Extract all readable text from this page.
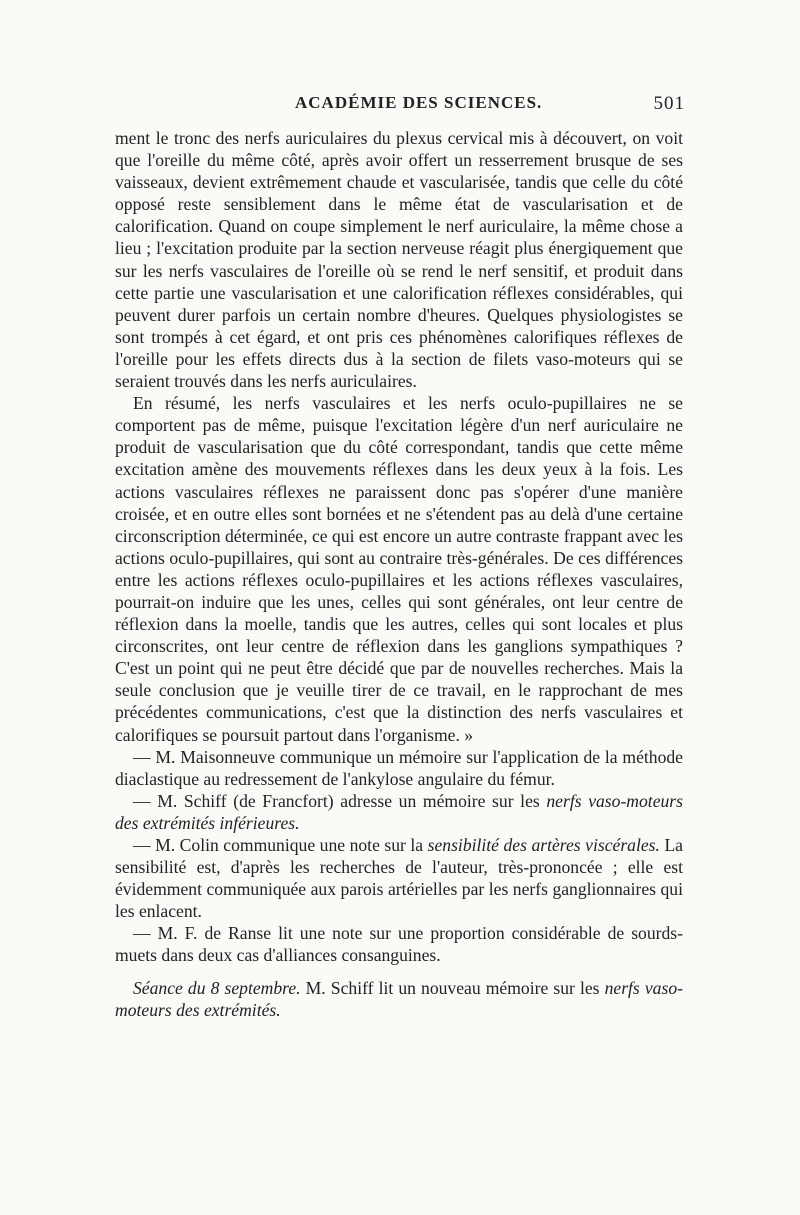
ACADÉMIE DES SCIENCES.	501

ment le tronc des nerfs auriculaires du plexus cervical mis à découvert, on voit que l'oreille du même côté, après avoir offert un resserrement brusque de ses vaisseaux, devient extrêmement chaude et vascularisée, tandis que celle du côté opposé reste sensiblement dans le même état de vascularisation et de calorification. Quand on coupe simplement le nerf auriculaire, la même chose a lieu ; l'excitation produite par la section nerveuse réagit plus énergiquement que sur les nerfs vasculaires de l'oreille où se rend le nerf sensitif, et produit dans cette partie une vascularisation et une calorification réflexes considérables, qui peuvent durer parfois un certain nombre d'heures. Quelques physiologistes se sont trompés à cet égard, et ont pris ces phénomènes calorifiques réflexes de l'oreille pour les effets directs dus à la section de filets vaso-moteurs qui se seraient trouvés dans les nerfs auriculaires.

En résumé, les nerfs vasculaires et les nerfs oculo-pupillaires ne se comportent pas de même, puisque l'excitation légère d'un nerf auriculaire ne produit de vascularisation que du côté correspondant, tandis que cette même excitation amène des mouvements réflexes dans les deux yeux à la fois. Les actions vasculaires réflexes ne paraissent donc pas s'opérer d'une manière croisée, et en outre elles sont bornées et ne s'étendent pas au delà d'une certaine circonscription déterminée, ce qui est encore un autre contraste frappant avec les actions oculo-pupillaires, qui sont au contraire très-générales. De ces différences entre les actions réflexes oculo-pupillaires et les actions réflexes vasculaires, pourrait-on induire que les unes, celles qui sont générales, ont leur centre de réflexion dans la moelle, tandis que les autres, celles qui sont locales et plus circonscrites, ont leur centre de réflexion dans les ganglions sympathiques ? C'est un point qui ne peut être décidé que par de nouvelles recherches. Mais la seule conclusion que je veuille tirer de ce travail, en le rapprochant de mes précédentes communications, c'est que la distinction des nerfs vasculaires et calorifiques se poursuit partout dans l'organisme. »

— M. Maisonneuve communique un mémoire sur l'application de la méthode diaclastique au redressement de l'ankylose angulaire du fémur.

— M. Schiff (de Francfort) adresse un mémoire sur les nerfs vaso-moteurs des extrémités inférieures.

— M. Colin communique une note sur la sensibilité des artères viscérales. La sensibilité est, d'après les recherches de l'auteur, très-prononcée ; elle est évidemment communiquée aux parois artérielles par les nerfs ganglionnaires qui les enlacent.

— M. F. de Ranse lit une note sur une proportion considérable de sourds-muets dans deux cas d'alliances consanguines.

Séance du 8 septembre. M. Schiff lit un nouveau mémoire sur les nerfs vaso-moteurs des extrémités.
